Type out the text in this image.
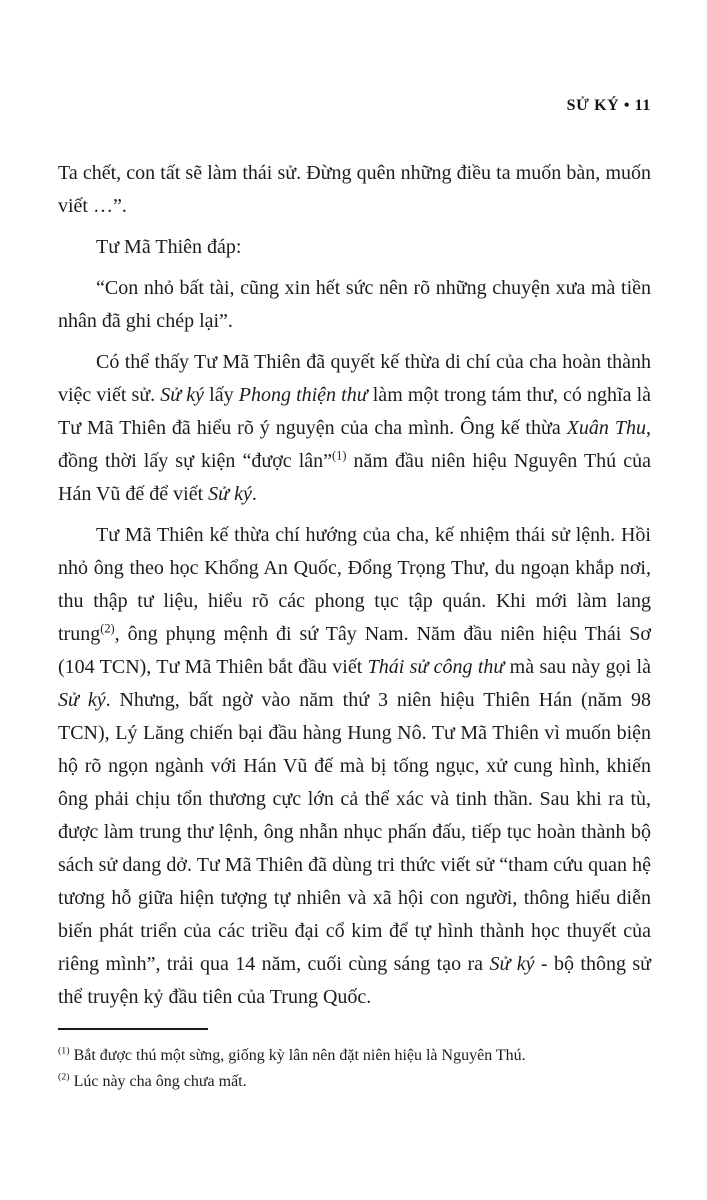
SỬ KÝ • 11

Ta chết, con tất sẽ làm thái sử. Đừng quên những điều ta muốn bàn, muốn viết …”.

Tư Mã Thiên đáp:

“Con nhỏ bất tài, cũng xin hết sức nên rõ những chuyện xưa mà tiền nhân đã ghi chép lại”.

Có thể thấy Tư Mã Thiên đã quyết kế thừa di chí của cha hoàn thành việc viết sử. Sử ký lấy Phong thiện thư làm một trong tám thư, có nghĩa là Tư Mã Thiên đã hiểu rõ ý nguyện của cha mình. Ông kế thừa Xuân Thu, đồng thời lấy sự kiện “được lân”$^{(1)}$ năm đầu niên hiệu Nguyên Thú của Hán Vũ đế để viết Sử ký.

Tư Mã Thiên kế thừa chí hướng của cha, kế nhiệm thái sử lệnh. Hồi nhỏ ông theo học Khổng An Quốc, Đổng Trọng Thư, du ngoạn khắp nơi, thu thập tư liệu, hiểu rõ các phong tục tập quán. Khi mới làm lang trung$^{(2)}$, ông phụng mệnh đi sứ Tây Nam. Năm đầu niên hiệu Thái Sơ (104 TCN), Tư Mã Thiên bắt đầu viết Thái sử công thư mà sau này gọi là Sử ký. Nhưng, bất ngờ vào năm thứ 3 niên hiệu Thiên Hán (năm 98 TCN), Lý Lăng chiến bại đầu hàng Hung Nô. Tư Mã Thiên vì muốn biện hộ rõ ngọn ngành với Hán Vũ đế mà bị tống ngục, xử cung hình, khiến ông phải chịu tổn thương cực lớn cả thể xác và tinh thần. Sau khi ra tù, được làm trung thư lệnh, ông nhẫn nhục phấn đấu, tiếp tục hoàn thành bộ sách sử dang dở. Tư Mã Thiên đã dùng tri thức viết sử “tham cứu quan hệ tương hỗ giữa hiện tượng tự nhiên và xã hội con người, thông hiểu diễn biến phát triển của các triều đại cổ kim để tự hình thành học thuyết của riêng mình”, trải qua 14 năm, cuối cùng sáng tạo ra Sử ký - bộ thông sử thể truyện kỷ đầu tiên của Trung Quốc.

$^{(1)}$ Bắt được thú một sừng, giống kỳ lân nên đặt niên hiệu là Nguyên Thú.

$^{(2)}$ Lúc này cha ông chưa mất.
